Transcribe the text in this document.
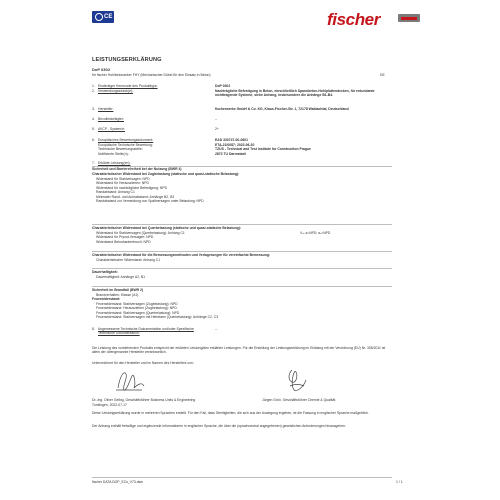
CE	fischer
LEISTUNGSERKLÄRUNG
DoP 0302
für fischer Hohlbetonanker FHY (Mechanischer Dübel für den Einsatz in Beton)	DE
1. Eindeutiger Kenncode des Produkttyps:	DoP 0302
2. Verwendungszweck(e):	Nachträgliche Befestigung in Beton, einschließlich Spannbeton-Hohlplattendecken, für redundante nichttragende Systeme, siehe Anhang, insbesondere die Anhänge B1-B4.
3. Hersteller:	fischerwerke GmbH & Co. KG, Klaus-Fischer-Str. 1, 72178 Waldachtal, Deutschland
4. Bevollmächtigter:	--
5. AVCP - System/e:	2+
6. Europäisches Bewertungsdokument:	EAD 330747-00-0601
Europäische Technische Bewertung:	ETA-21/0087; 2022-06-30
Technische Bewertungsstelle:	TZÜS - Technical and Test Institute for Construction Prague
Notifizierte Stelle(n):	2873 TU Darmstadt
7. Erklärte Leistung(en):
Sicherheit und Barrierefreiheit bei der Nutzung (BWR 4)
Charakteristischer Widerstand bei Zugbelastung (statische und quasi-statische Belastung):
Widerstand für Stahlversagen: NPD
Widerstand für Herausziehen: NPD
Widerstand für nachträgliche Befestigung: NPD
Randabstand: Anhang C1
Minimaler Rand- und Achsabstand: Anhänge B2, B3
Randabstand zur Vermeidung von Spaltversagen unter Belastung: NPD
Charakteristischer Widerstand bei Querbelastung (statische und quasi-statische Belastung):
Widerstand für Stahlversagen (Querbelastung): Anhang C1
Widerstand für Pryout-Versagen: NPD
Widerstand Betonkantenbruch: NPD
Vᵣₖ,s=NPD; αᵥ=NPD
Charakteristischer Widerstand für die Bemessungsmethoden und Verlagerungen für vereinfachte Bemessung:
Charakteristischer Widerstand: Anhang C1
Dauerhaftigkeit:
Dauerhaftigkeit: Anhänge A2, B1
Sicherheit im Brandfall (BWR 2)
Brandverhalten: Klasse (A1)
Feuerwiderstand:
Feuerwiderstand: Stahlversagen (Zugbelastung): NPD
Feuerwiderstand: Herausziehen (Zugbelastung): NPD
Feuerwiderstand: Stahlversagen (Querbelastung): NPD
Feuerwiderstand: Stahlversagen mit Hebelarm (Querbelastung): Anhänge C2, C3
8. Angemessene Technische Dokumentation und/oder Spezifische Technische Dokumentation:
--
Die Leistung des vorstehenden Produkts entspricht der erklärten Leistung/den erklärten Leistungen. Für die Erstellung der Leistungserklärung im Einklang mit der Verordnung (EU) Nr. 305/2011 ist allein der obengenannte Hersteller verantwortlich.
Unterzeichnet für den Hersteller und im Namen des Herstellers von:
Dr.-Ing. Oliver Geibig, Geschäftsführer Business Units & Engineering	Jürgen Grün, Geschäftsführer Chemie & Qualität
Tumlingen, 2022-07-17
Diese Leistungserklärung wurde in mehreren Sprachen erstellt. Für den Fall, dass Streitigkeiten, die sich aus der Auslegung ergeben, ist die Fassung in englischer Sprache maßgeblich.
Der Anhang enthält freiwillige und ergänzende Informationen in englischer Sprache, die über die (sprachneutral angegebenen) gesetzlichen Anforderungen hinausgehen.
fischer DATA DOP_ECs_V73.dsm	1 / 1
